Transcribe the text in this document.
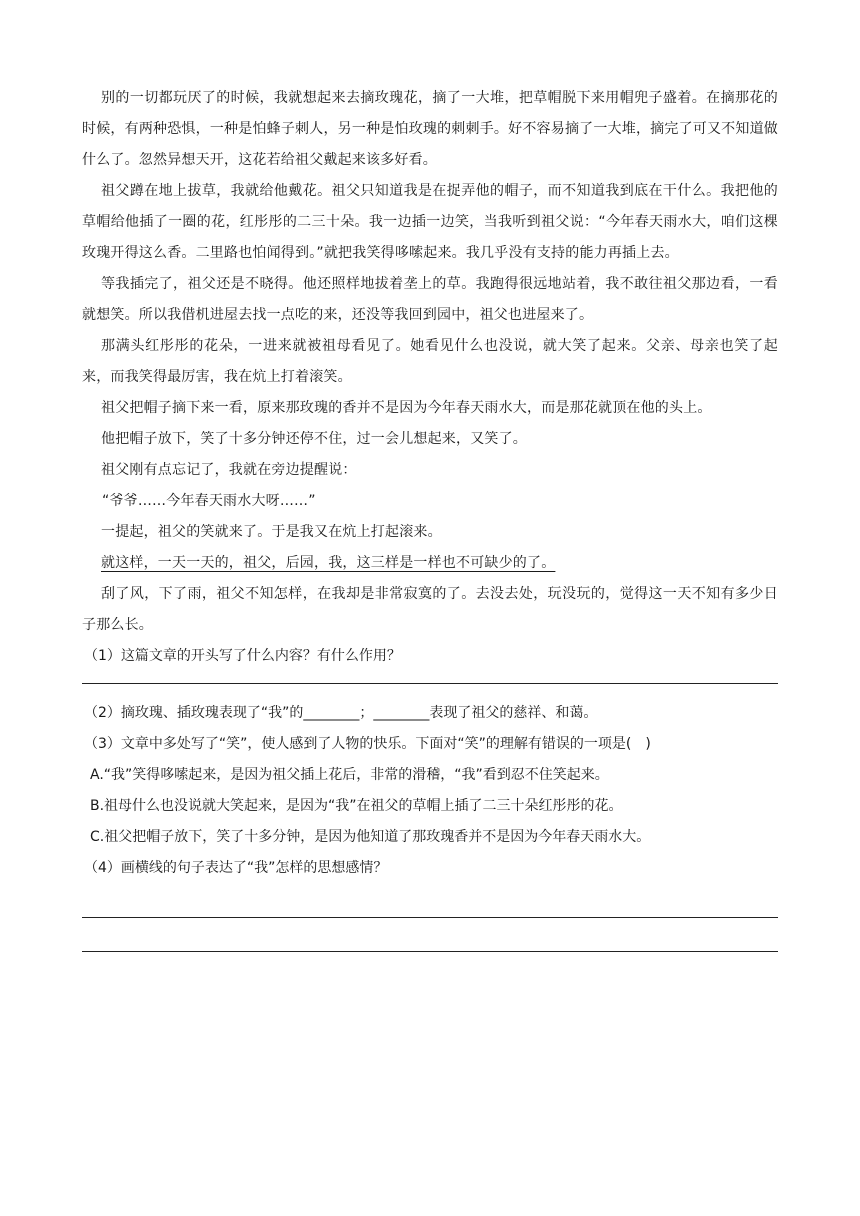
别的一切都玩厌了的时候，我就想起来去摘玫瑰花，摘了一大堆，把草帽脱下来用帽兜子盛着。在摘那花的时候，有两种恐惧，一种是怕蜂子刺人，另一种是怕玫瑰的刺刺手。好不容易摘了一大堆，摘完了可又不知道做什么了。忽然异想天开，这花若给祖父戴起来该多好看。

祖父蹲在地上拔草，我就给他戴花。祖父只知道我是在捉弄他的帽子，而不知道我到底在干什么。我把他的草帽给他插了一圈的花，红彤彤的二三十朵。我一边插一边笑，当我听到祖父说：“今年春天雨水大，咱们这棵玫瑰开得这么香。二里路也怕闻得到。”就把我笑得哆嗦起来。我几乎没有支持的能力再插上去。

等我插完了，祖父还是不晓得。他还照样地拔着垄上的草。我跑得很远地站着，我不敢往祖父那边看，一看就想笑。所以我借机进屋去找一点吃的来，还没等我回到园中，祖父也进屋来了。

那满头红彤彤的花朵，一进来就被祖母看见了。她看见什么也没说，就大笑了起来。父亲、母亲也笑了起来，而我笑得最厉害，我在炕上打着滚笑。

祖父把帽子摘下来一看，原来那玫瑰的香并不是因为今年春天雨水大，而是那花就顶在他的头上。

他把帽子放下，笑了十多分钟还停不住，过一会儿想起来，又笑了。

祖父刚有点忘记了，我就在旁边提醒说：

“爷爷……今年春天雨水大呀……”

一提起，祖父的笑就来了。于是我又在炕上打起滚来。

就这样，一天一天的，祖父，后园，我，这三样是一样也不可缺少的了。

刮了风，下了雨，祖父不知怎样，在我却是非常寂寞的了。去没去处，玩没玩的，觉得这一天不知有多少日子那么长。

（1）这篇文章的开头写了什么内容？有什么作用？

（2）摘玫瑰、插玫瑰表现了“我”的________；________表现了祖父的慈祥、和蔼。

（3）文章中多处写了“笑”，使人感到了人物的快乐。下面对“笑”的理解有错误的一项是(　)

A.“我”笑得哆嗦起来，是因为祖父插上花后，非常的滑稽，“我”看到忍不住笑起来。

B.祖母什么也没说就大笑起来，是因为“我”在祖父的草帽上插了二三十朵红彤彤的花。

C.祖父把帽子放下，笑了十多分钟，是因为他知道了那玫瑰香并不是因为今年春天雨水大。

（4）画横线的句子表达了“我”怎样的思想感情？
